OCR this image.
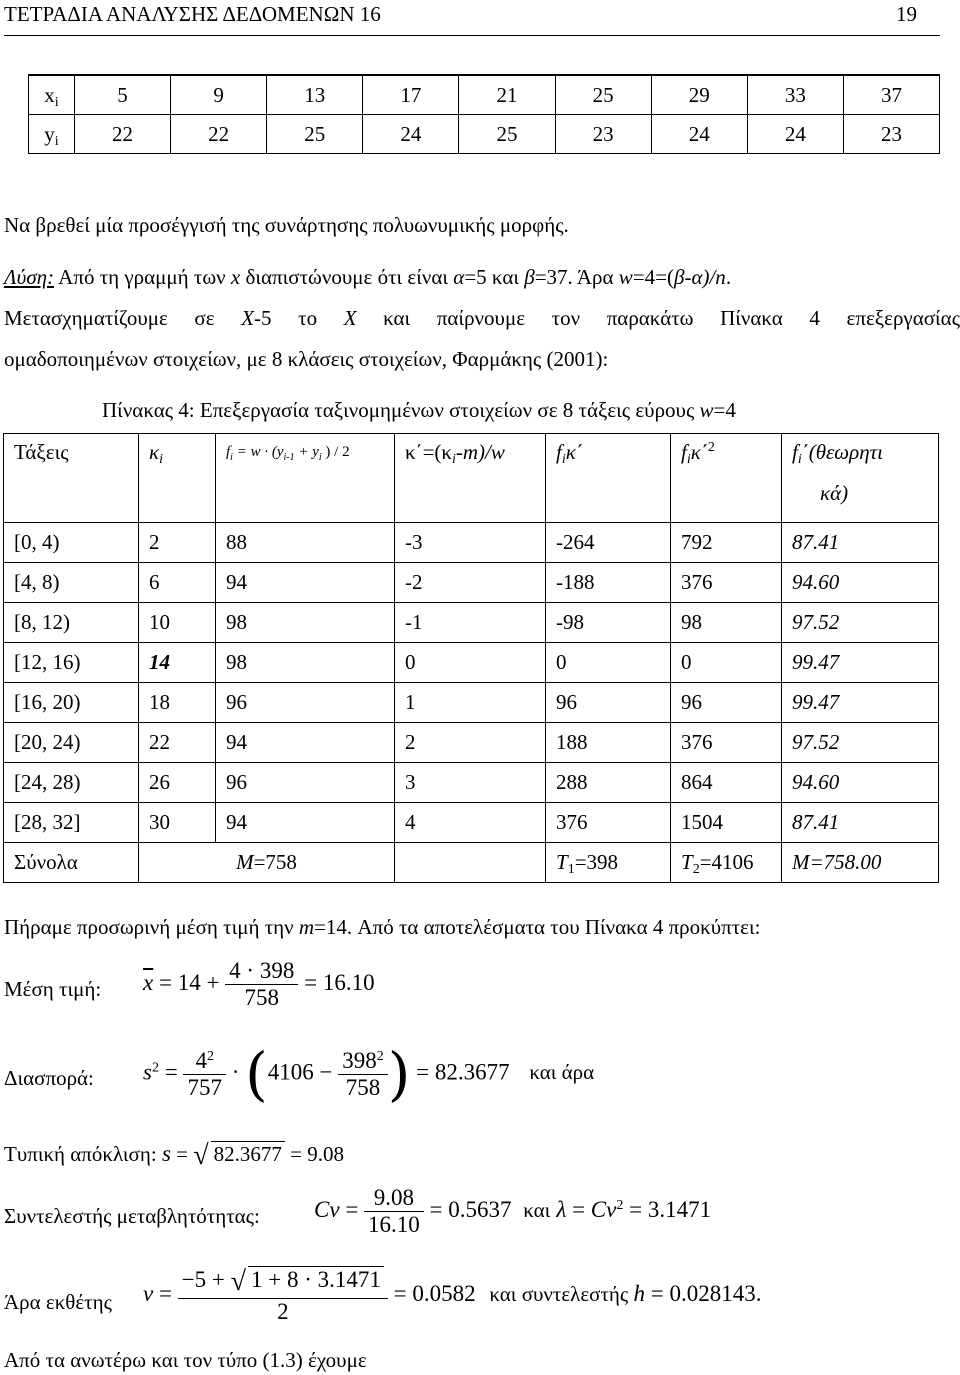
ΤΕΤΡΑΔΙΑ ΑΝΑΛΥΣΗΣ ΔΕΔΟΜΕΝΩΝ 16	19
$x_i$	5	9	13	17	21	25	29	33	37
$y_i$	22	22	25	24	25	23	24	24	23
Να βρεθεί μία προσέγγισή της συνάρτησης πολυωνυμικής μορφής.
Λύση: Από τη γραμμή των x διαπιστώνουμε ότι είναι α=5 και β=37. Άρα w=4=(β-α)/n.
Μετασχηματίζουμε σε X-5 το X και παίρνουμε τον παρακάτω Πίνακα 4 επεξεργασίας
ομαδοποιημένων στοιχείων, με 8 κλάσεις στοιχείων, Φαρμάκης (2001):
Πίνακας 4: Επεξεργασία ταξινομημένων στοιχείων σε 8 τάξεις εύρους w=4
Τάξεις	$\kappa_i$	$f_i = w \cdot (y_{i-1} + y_i$ ) / 2	$\kappa΄=(\kappa_i-m)/w$	$f_i\kappa΄$	$f_i\kappa΄^2$	$f_i΄(\theta\varepsilon\omega\rho\eta\tau\iota$
κά)
[0, 4)	2	88	-3	-264	792	87.41
[4, 8)	6	94	-2	-188	376	94.60
[8, 12)	10	98	-1	-98	98	97.52
[12, 16)	14	98	0	0	0	99.47
[16, 20)	18	96	1	96	96	99.47
[20, 24)	22	94	2	188	376	97.52
[24, 28)	26	96	3	288	864	94.60
[28, 32]	30	94	4	376	1504	87.41
Σύνολα	M=758			$T_1=398$	$T_2=4106$	M=758.00
Πήραμε προσωρινή μέση τιμή την m=14. Από τα αποτελέσματα του Πίνακα 4 προκύπτει:
Μέση τιμή: $\overline{x} = 14 + \frac{4 \cdot 398}{758} = 16.10$
Διασπορά: $s^2 = \frac{4^2}{757} \cdot (4106 - \frac{398^2}{758}$ ) = 82.3677 και άρα
Τυπική απόκλιση: s = √ 82.3677 = 9.08
Συντελεστής μεταβλητότητας: $Cv = \frac{9.08}{16.10} = 0.5637$ και $\lambda = Cv^2 = 3.1471$
Άρα εκθέτης $\nu = \frac{-5 + √ 1 + 8 \cdot 3.1471}{2} = 0.0582$ και συντελεστής h = 0.028143.
Από τα ανωτέρω και τον τύπο (1.3) έχουμε
